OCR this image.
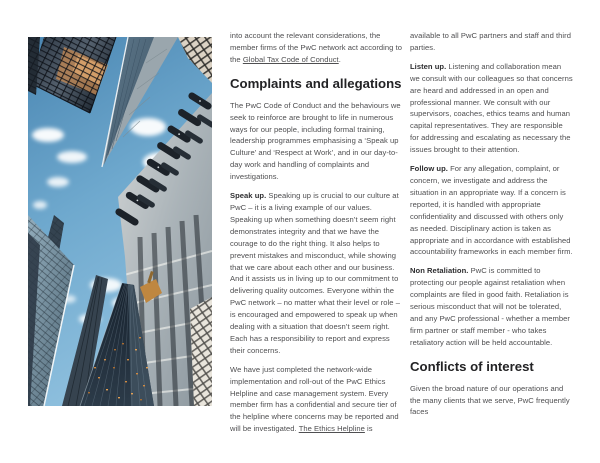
into account the relevant considerations, the member firms of the PwC network act according to the Global Tax Code of Conduct.

Complaints and allegations

The PwC Code of Conduct and the behaviours we seek to reinforce are brought to life in numerous ways for our people, including formal training, leadership programmes emphasising a ‘Speak up Culture’ and ‘Respect at Work’, and in our day-to-day work and handling of complaints and investigations.

Speak up. Speaking up is crucial to our culture at PwC – it is a living example of our values. Speaking up when something doesn’t seem right demonstrates integrity and that we have the courage to do the right thing. It also helps to prevent mistakes and misconduct, while showing that we care about each other and our business. And it assists us in living up to our commitment to delivering quality outcomes. Everyone within the PwC network – no matter what their level or role – is encouraged and empowered to speak up when dealing with a situation that doesn’t seem right. Each has a responsibility to report and express their concerns.

We have just completed the network-wide implementation and roll-out of the PwC Ethics Helpline and case management system. Every member firm has a confidential and secure tier of the helpline where concerns may be reported and will be investigated. The Ethics Helpline is

available to all PwC partners and staff and third parties.

Listen up. Listening and collaboration mean we consult with our colleagues so that concerns are heard and addressed in an open and professional manner. We consult with our supervisors, coaches, ethics teams and human capital representatives. They are responsible for addressing and escalating as necessary the issues brought to their attention.

Follow up. For any allegation, complaint, or concern, we investigate and address the situation in an appropriate way. If a concern is reported, it is handled with appropriate confidentiality and discussed with others only as needed. Disciplinary action is taken as appropriate and in accordance with established accountability frameworks in each member firm.

Non Retaliation. PwC is committed to protecting our people against retaliation when complaints are filed in good faith. Retaliation is serious misconduct that will not be tolerated, and any PwC professional - whether a member firm partner or staff member - who takes retaliatory action will be held accountable.

Conflicts of interest

Given the broad nature of our operations and the many clients that we serve, PwC frequently faces
